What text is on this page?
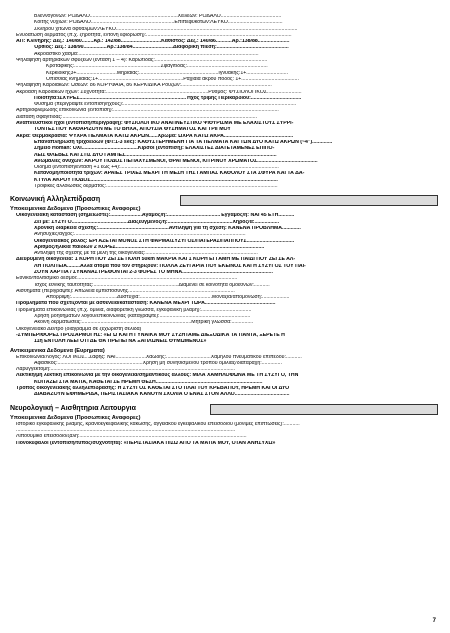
Βλεννογόνων: ΡΟΔΑΛΟ.............................................................Χειλέων: ΡΟΔΑΛΟ..........................................
Κοίτης νυχιών: ΡΟΔΑΛΟ..........................................................Επιπεφυκότων:ΛΕΥΚΟ......................................
Σκληρού χιτώνα οφθαλμών:ΛΕΥΚΟ..............................................................................................................................
Ενυδάτωση δέρματος (π.χ. ξηρότητα, έντονη εφίδρωση):.....................................................................................................
ΑΠ: Κλινήρης: Δεξ.: 140/80........Αρ.: 142/88............................Καθιστός: Δεξ.: 140/86...........Αρ.:138/88......................
Όρθιος: Δεξ.: 138/90................Αρ.:138/84............................Διαφορική πίεση:..................................................
Ακροαστικό χάσμα:.............................................................................................................................
Ψηλάφηση αρτηριακών σφύξεων (ένταση 1 – 4): Καρωτίδας:..............................................................................
Κροταφικής:............................................................Σφαγίτιδας:........................................................
Κερκιδικής3+............................Μηριαίας:.......................................................Ιγνυακής:1+.............................
Οπίσθιας κνημιαίας:1+...........................................................Ραχιαία άκρου ποδός: 1+........................................
Ψηλάφηση Καρδιακών: Ώσεων: 86 ΚΟΡΥΦΑΙΑ, 86 ΚΕΡΚΙΔΙΚΑ Ρούζων:...............................................................
Ακρόαση Καρδιακών ήχων: Συχνότητα:.......................................................................Ρυθμός: ΦΥΣΙΟΛΟΓΙΚΟΣ........................
Ποιότητα:ΙΣΧΥΡΕΣ..........................................................................Ήχος τριβής Περικαρδίου:...................................
Φύσημα (περιγράψτε εντόπιση/ήχους):........................................................................................................................
Αρτηριοφλεβώδης επικοινωνία (εντόπιση):...................................................................................................................
Διάταση σφαγίτιδας:.......................................................................................................................................
Αναπνευστικοί ήχοι (εντόπιση/περιγραφή): ΦΥΣΙΟΛΟΓΙΚΟ ΑΝΑΠΝΕΥΣΤΙΚΟ ΨΙΘΥΡΙΣΜΑ ΜΕ ΕΛΑΧΙΣΤΟΥΣ ΣΥΡΡΙ-
ΤΟΝΤΕΣ ΠΟΥ ΚΑΘΑΡΙΖΟΥΝ ΜΕ ΤΟ ΒΗΧΑ, ΑΠΟΥΣΙΑ ΦΥΣΗΜΑΤΟΣ ΚΑΙ ΤΡΙΓΜΟΥ
Άκρα: Θερμοκρασία: ΨΥΧΡΑ ΠΕΛΜΑΤΑ ΚΑΤΩ ΑΚΡΩΝ......Χρώμα: ΩΧΡΑ ΚΑΤΩ ΑΚΡΑ................................................
Επαναπλήρωση τριχοειδών (ΦΤ:1-3 sec): ΚΑΘΥΣΤΕΡΗΜΕΝΗ ΓΙΑ ΤΑ ΠΕΛΜΑΤΑ ΚΑΙ ΤΩΝ ΔΥΟ ΚΑΤΩ ΑΚΡΩΝ (~4")..............
Σημείο Homan: ΟΧΙ.......................................Κιρσοί (εντόπιση): ΕΛΑΧΙΣΤΕΣ ΔΙΑΤΕΤΑΜΕΝΕΣ ΕΠΙΠΟ-
ΛΕΙΣ ΦΛΕΒΕΣ ΚΑΙ ΣΤΙΣ ΔΥΟ ΓΑΜΠΕΣ.........................................................................................................
Ανωμαλίες ονύχων: ΑΚΡΟΥ ΠΟΔΟΣ ΠΕΠΑΧΥΣΜΕΝΟΙ, ΘΡΑΓΜΕΝΟΙ, ΚΙΤΡΙΝΟΥ ΧΡΩΜΑΤΟΣ..........................................
Οίδημα (εντόπιση/ένταση +1 έως +4):..............................................................................................................
Κατανομή/ποιότητα τριχών: ΑΡΑΙΕΣ ΤΡΙΧΕΣ ΜΕΧΡΙ ΤΗ ΜΕΣΗ ΤΗΣ ΓΑΜΠΑΣ ΚΑΘΟΛΟΥ ΣΤΑ ΣΦΥΡΑ ΚΑΙ ΤΑ ΔΑ-
ΚΤΥΛΑ ΑΚΡΟΥ ΠΟΔΟΣ..................................................................................................................................
Τροφικές αλλοιώσεις δέρματος:.......................................................................................................................
Κοινωνική Αλληλεπίδραση
Υποκειμενικα Δεδομενα (Προσωπικες Αναφορες)
Οικογενειακή κατάσταση (σημειώστε):......................Αγαμος/η:.....................................Έγγαμος/η: ΝΑΙ 45 ΕΤΗ...........
Ζει με: ΣΥΖΥΓΟ.......................................Διαζευγμένος/η:.............................................Χήρος/α:.................
Χρονική διάρκεια σχέσης:.................................................Αντίληψη για τη σχέση: ΚΑΝΕΝΑ ΠΡΟΒΛΗΜΑ.............
Ανησυχίες/άγχος:.......................................................................................................................
Οικογενειακός ρόλος: ΕΡΓΑΖΕΤΑΙ ΜΟΝΟΣ ΣΤΗ ΦΑΡΜΑ/ΣΥΖΥΓΟΣ/ΠΑΤΕΡΑΣ/ΠΑΠΠΟΥΣ.................................
Αριθμός/ηλικία παιδιών 2 ΚΟΡΕΣ.......................................................................................................
Αντίληψη της σχέσης με τα μέλη της οικογένειας:..............................................................................
Διευρυμένη οικογένεια: 1 ΚΟΡΗ ΠΟΥ ΖΕΙ ΣΕ ΠΟΛΗ 50km ΜΑΚΡΙΑ ΚΑΙ 1 ΚΟΡΗ ΕΓΓΑΜΗ ΜΕ ΠΑΙΔΙ ΠΟΥ ΖΕΙ ΣΕ ΑΛ-
ΛΗ ΠΟΛΙΤΕΙΑ.........Άλλα άτομα που τον στηρίζουν: ΠΟΛΛΑ ΖΕΥΓΑΡΙΑ ΠΟΥ ΕΚΕΙΝΟΣ ΚΑΙ Η ΣΥΖΥΓΟΣ ΤΟΥ ΠΑΙ-
ΖΟΥΝ ΧΑΡΤΙΑ / ΣΥΝΑΝΑΣΤΡΕΦΟΝΤΑΙ 2-3 ΦΟΡΕΣ ΤΟ ΜΗΝΑ...............................................................
Εθνικό/πολιτισμικό δεσμοί:...............................................................................................................
Ίσχος εθνικής ταυτότητας:...........................................................Διαμένει σε κοινότητα ομοεθνών:...........
Αισθήματα (περιγράψτε): Απώλεια εμπιστοσύνης..........................................................................
Απόρριψη:................................Δυστυχία:..................................................Μοναξιά/απομόνωση:...................
Προβλήματα που σχετίζονται με ασθένεια/κατάσταση: ΚΑΝΕΝΑ ΜΕΧΡΙ ΤΩΡΑ.................................................
Προβλήματα επικοινωνίας (π.χ. ομιλία, διαφορετική γλώσσα, εγκεφαλική βλάβη):...................................
Χρήση βοηθημάτων λόγου/επικοινωνίας (καταγράψτε):...............................................................
Ακοινη δερματώσεις:............................................................................Μητρική γλώσσα:...............
Οικογενειακό Δέντρο (διάγραμμα σε ξεχωριστή σελίδα)
-ΣΥΜΠΕΡΙΦΟΡΕΣ ΠΡΟΣΑΡΜΟΓΗΣ: «ΕΓΩ ΚΑΙ Η ΓΥΝΑΙΚΑ ΜΟΥ ΣΥΖΗΤΑΜΕ ΔΙΕΞΟΔΙΚΑ ΤΑ ΠΑΝΤΑ, ΞΕΡΕΤΕ Η
11η ΕΝΤΟΛΗ ΛΕΕΙ ΟΤΙ ΔΕ ΘΑ ΠΡΕΠΕΙ ΝΑ ΞΑΠΛΩΝΕΙΣ ΘΥΜΩΜΕΝΟΣ»
Αντικειμενικα Δεδομενα (Ευρηματα)
Επικοινωνία/Λόγος: ΛΟΓΙΚΟΣ...Σαφής: ΝΑΙ.....................Χαώδης:...............................Χαμηλού πνευματικού επιπέδου:...........
Αφασικός:...........................................................Χρήση μη συνηθισμένου τρόπου ομιλίας/διαταραχή:..............
Λαρυγγεκτομή:................................................................................................................................
Λεκτική/μη λεκτική επικοινωνία με την οικογένεια/σημαντικούς άλλους: ΜΙΛΑ ΧΑΜΗΛΟΦΩΝΑ ΜΕ ΤΗ ΣΥΖΥΓΟ, ΤΗΝ
ΚΟΙΤΑΖΕΙ ΣΤΑ ΜΑΤΙΑ, ΚΑΘΕΤΑΙ ΣΕ ΗΡΕΜΗ ΘΕΣΗ..........................................................................
Τρόπος οικογενειακής αλληλεπίδρασης: Η ΣΥΖΥΓΟΣ ΚΑΘΕΤΑΙ ΣΤΟ ΠΛΑΙ ΤΟΥ ΚΡΕΒΑΤΙΟΥ, ΗΡΕΜΗ ΚΑΙ ΟΙ ΔΥΟ
ΔΙΑΒΑΖΟΥΝ ΕΦΗΜΕΡΙΔΑ, ΠΕΡΙΣΤΑΣΙΑΚΑ ΚΑΝΟΥΝ ΣΧΟΛΙΑ Ο ΕΝΑΣ ΣΤΟΝ ΑΛΛΟ......................................
Νευρολογική – Αισθητηρια Λειτουργια
Υποκειμενικα Δεδομενα (Προσωπικες Αναφορες)
Ιστορικό εγκεφαλικής βλάβης, κρανιοεγκεφαλικής κάκωσης, αγγειακού εγκεφαλικού επεισοδίου (μόνιμες επιπτώσεις):...........
........................................................................................................................................................
Λιποθυμικό επεισόδιο/ζάλη:....................................................................................................................
Πονοκέφαλοι (εντόπιση/τύπος/συχνότητα): «ΠΕΡΙΣΤΑΣΙΑΚΑ ΠΙΣΩ ΑΠΟ ΤΑ ΜΑΤΙΑ ΜΟΥ, ΟΤΑΝ ΑΝΗΣΥΧΩ»
7
